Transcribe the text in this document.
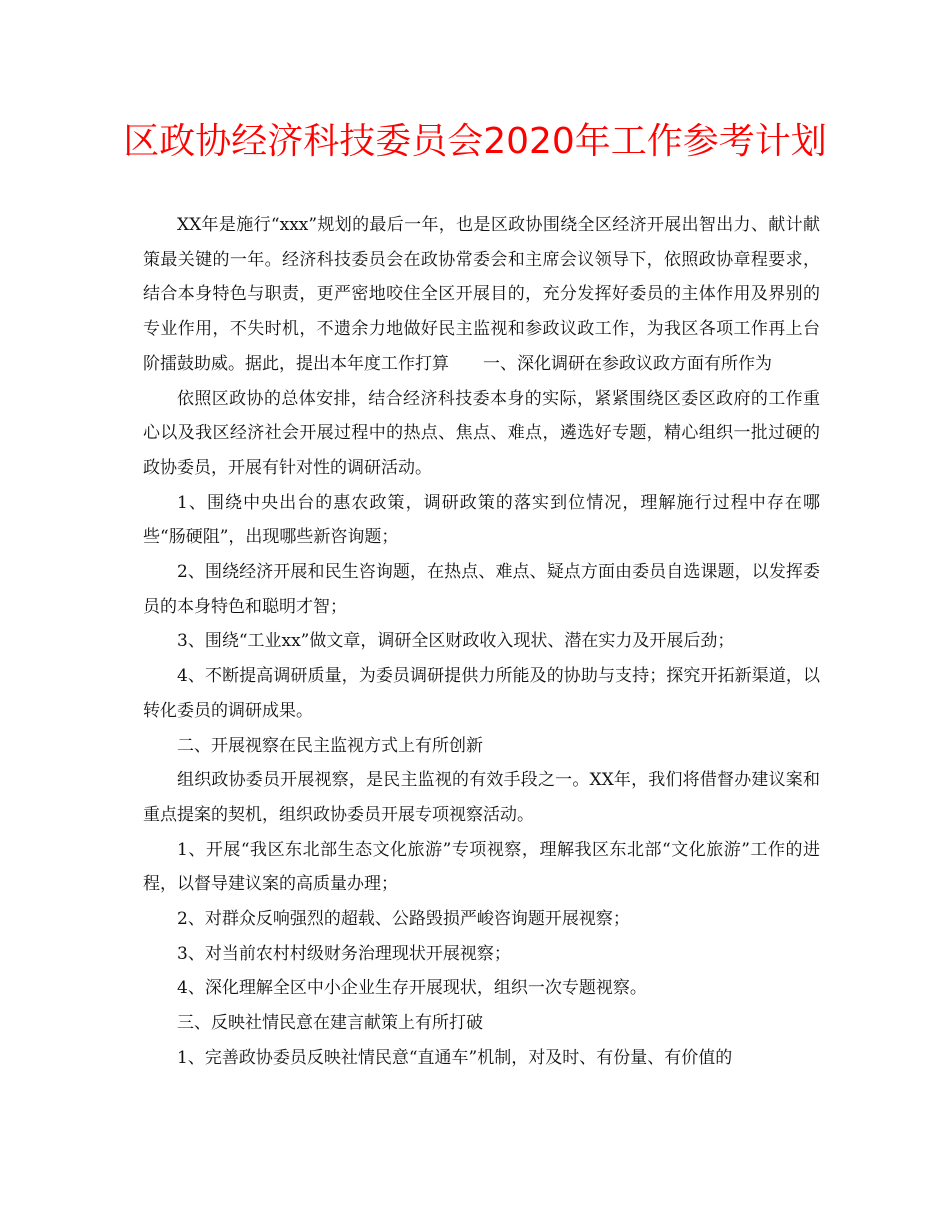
区政协经济科技委员会2020年工作参考计划

XX年是施行“xxx”规划的最后一年，也是区政协围绕全区经济开展出智出力、献计献策最关键的一年。经济科技委员会在政协常委会和主席会议领导下，依照政协章程要求，结合本身特色与职责，更严密地咬住全区开展目的，充分发挥好委员的主体作用及界别的专业作用，不失时机，不遗余力地做好民主监视和参政议政工作，为我区各项工作再上台阶擂鼓助威。据此，提出本年度工作打算　　一、深化调研在参政议政方面有所作为

依照区政协的总体安排，结合经济科技委本身的实际，紧紧围绕区委区政府的工作重心以及我区经济社会开展过程中的热点、焦点、难点，遴选好专题，精心组织一批过硬的政协委员，开展有针对性的调研活动。

1、围绕中央出台的惠农政策，调研政策的落实到位情况，理解施行过程中存在哪些“肠硬阻”，出现哪些新咨询题；

2、围绕经济开展和民生咨询题，在热点、难点、疑点方面由委员自选课题，以发挥委员的本身特色和聪明才智；

3、围绕“工业xx”做文章，调研全区财政收入现状、潜在实力及开展后劲；

4、不断提高调研质量，为委员调研提供力所能及的协助与支持；探究开拓新渠道，以转化委员的调研成果。

二、开展视察在民主监视方式上有所创新

组织政协委员开展视察，是民主监视的有效手段之一。XX年，我们将借督办建议案和重点提案的契机，组织政协委员开展专项视察活动。

1、开展“我区东北部生态文化旅游”专项视察，理解我区东北部“文化旅游”工作的进程，以督导建议案的高质量办理；

2、对群众反响强烈的超载、公路毁损严峻咨询题开展视察；

3、对当前农村村级财务治理现状开展视察；

4、深化理解全区中小企业生存开展现状，组织一次专题视察。

三、反映社情民意在建言献策上有所打破

1、完善政协委员反映社情民意“直通车”机制，对及时、有份量、有价值的
